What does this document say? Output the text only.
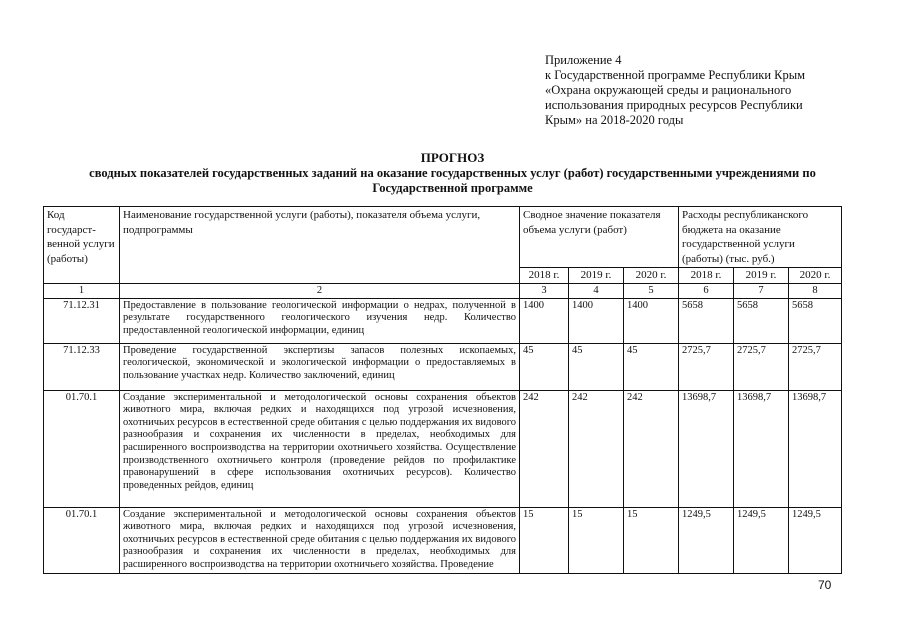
Приложение 4
к Государственной программе Республики Крым
«Охрана окружающей среды и рационального
использования природных ресурсов Республики
Крым» на 2018-2020 годы
ПРОГНОЗ
сводных показателей государственных заданий на оказание государственных услуг (работ) государственными учреждениями по
Государственной программе
Код государст-венной услуги (работы)	Наименование государственной услуги (работы), показателя объема услуги, подпрограммы	Сводное значение показателя объема услуги (работ)			Расходы республиканского бюджета на оказание государственной услуги (работы) (тыс. руб.)		
		2018 г.	2019 г.	2020 г.	2018 г.	2019 г.	2020 г.
1	2	3	4	5	6	7	8
71.12.31	Предоставление в пользование геологической информации о недрах, полученной в результате государственного геологического изучения недр. Количество предоставленной геологической информации, единиц	1400	1400	1400	5658	5658	5658
71.12.33	Проведение государственной экспертизы запасов полезных ископаемых, геологической, экономической и экологической информации о предоставляемых в пользование участках недр. Количество заключений, единиц	45	45	45	2725,7	2725,7	2725,7
01.70.1	Создание экспериментальной и методологической основы сохранения объектов животного мира, включая редких и находящихся под угрозой исчезновения, охотничьих ресурсов в естественной среде обитания с целью поддержания их видового разнообразия и сохранения их численности в пределах, необходимых для расширенного воспроизводства на территории охотничьего хозяйства. Осуществление производственного охотничьего контроля (проведение рейдов по профилактике правонарушений в сфере использования охотничьих ресурсов). Количество проведенных рейдов, единиц	242	242	242	13698,7	13698,7	13698,7
01.70.1	Создание экспериментальной и методологической основы сохранения объектов животного мира, включая редких и находящихся под угрозой исчезновения, охотничьих ресурсов в естественной среде обитания с целью поддержания их видового разнообразия и сохранения их численности в пределах, необходимых для расширенного воспроизводства на территории охотничьего хозяйства. Проведение	15	15	15	1249,5	1249,5	1249,5
70
